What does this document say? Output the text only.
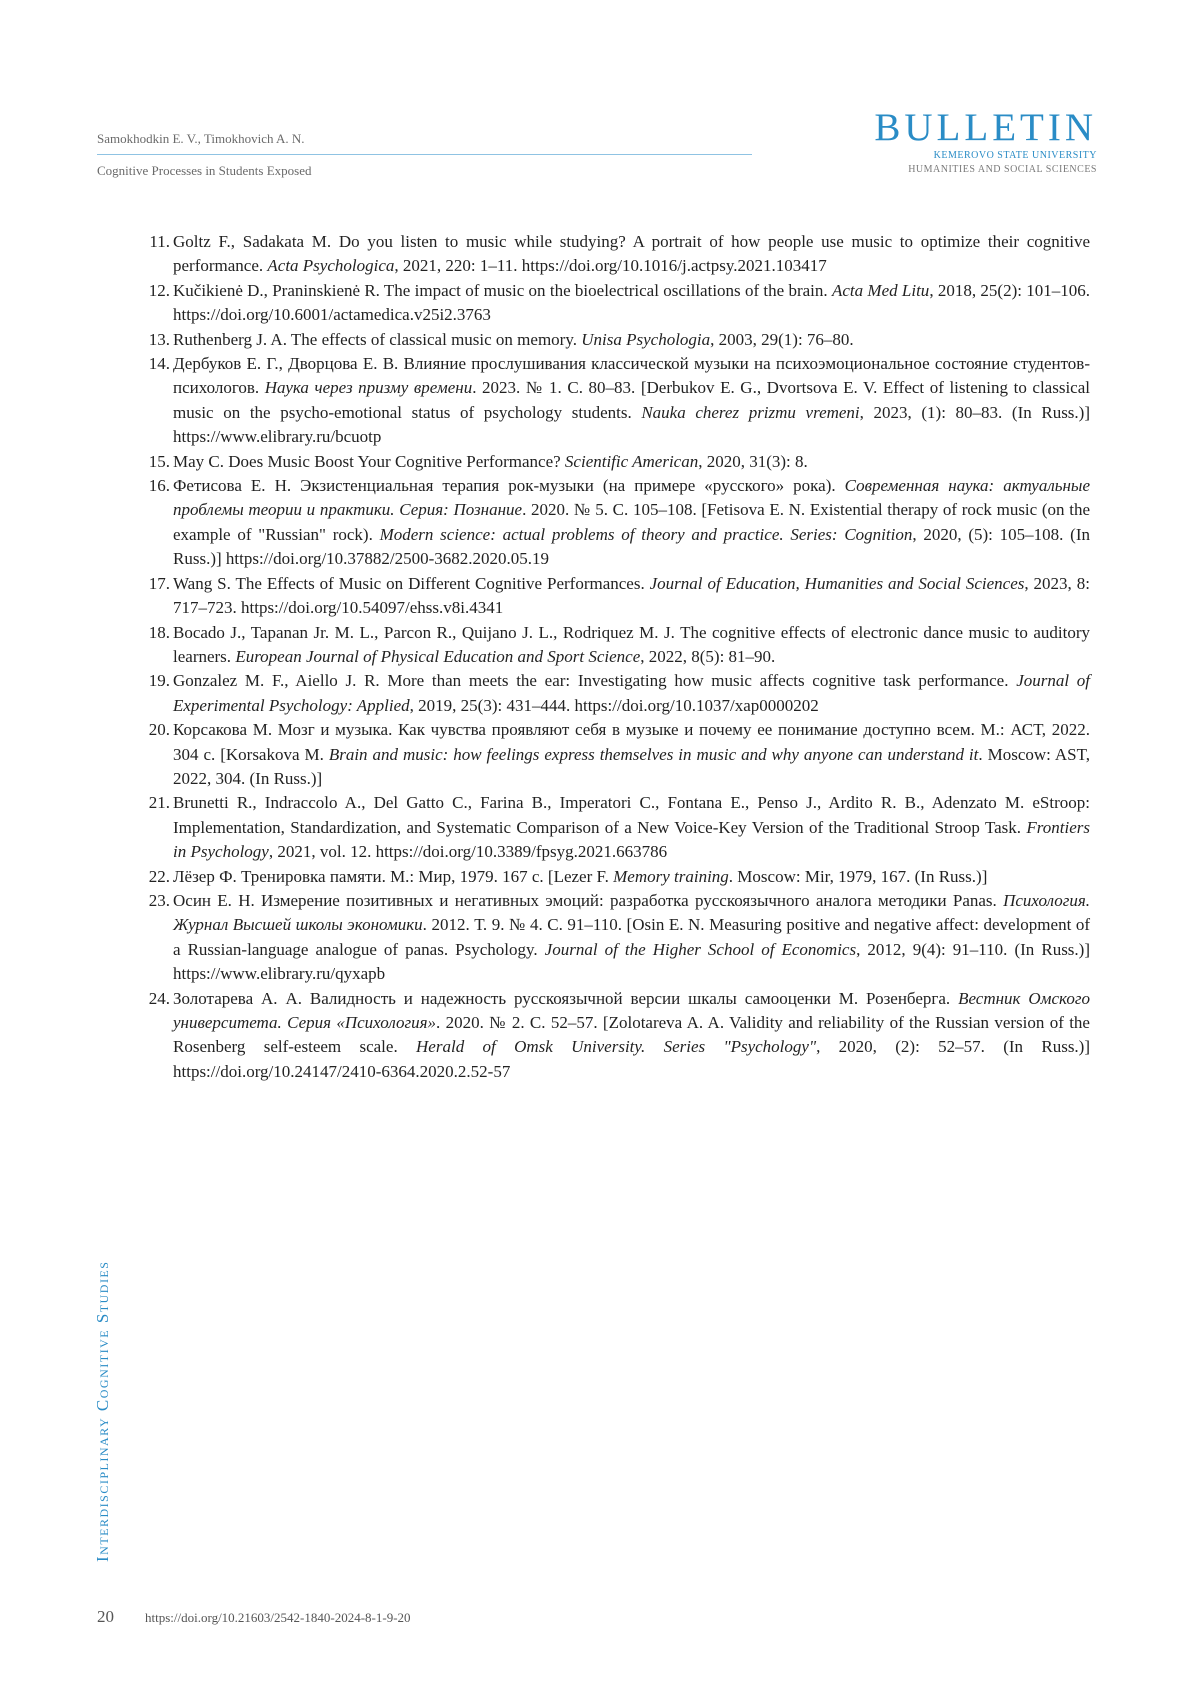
Samokhodkin E. V., Timokhovich A. N.
Cognitive Processes in Students Exposed
BULLETIN
KEMEROVO STATE UNIVERSITY
HUMANITIES AND SOCIAL SCIENCES
11. Goltz F., Sadakata M. Do you listen to music while studying? A portrait of how people use music to optimize their cognitive performance. Acta Psychologica, 2021, 220: 1–11. https://doi.org/10.1016/j.actpsy.2021.103417
12. Kučikienė D., Praninskienė R. The impact of music on the bioelectrical oscillations of the brain. Acta Med Litu, 2018, 25(2): 101–106. https://doi.org/10.6001/actamedica.v25i2.3763
13. Ruthenberg J. A. The effects of classical music on memory. Unisa Psychologia, 2003, 29(1): 76–80.
14. Дербуков Е. Г., Дворцова Е. В. Влияние прослушивания классической музыки на психоэмоциональное состояние студентов-психологов. Наука через призму времени. 2023. № 1. С. 80–83. [Derbukov E. G., Dvortsova E. V. Effect of listening to classical music on the psycho-emotional status of psychology students. Nauka cherez prizmu vremeni, 2023, (1): 80–83. (In Russ.)] https://www.elibrary.ru/bcuotp
15. May C. Does Music Boost Your Cognitive Performance? Scientific American, 2020, 31(3): 8.
16. Фетисова Е. Н. Экзистенциальная терапия рок-музыки (на примере «русского» рока). Современная наука: актуальные проблемы теории и практики. Серия: Познание. 2020. № 5. С. 105–108. [Fetisova E. N. Existential therapy of rock music (on the example of "Russian" rock). Modern science: actual problems of theory and practice. Series: Cognition, 2020, (5): 105–108. (In Russ.)] https://doi.org/10.37882/2500-3682.2020.05.19
17. Wang S. The Effects of Music on Different Cognitive Performances. Journal of Education, Humanities and Social Sciences, 2023, 8: 717–723. https://doi.org/10.54097/ehss.v8i.4341
18. Bocado J., Tapanan Jr. M. L., Parcon R., Quijano J. L., Rodriquez M. J. The cognitive effects of electronic dance music to auditory learners. European Journal of Physical Education and Sport Science, 2022, 8(5): 81–90.
19. Gonzalez M. F., Aiello J. R. More than meets the ear: Investigating how music affects cognitive task performance. Journal of Experimental Psychology: Applied, 2019, 25(3): 431–444. https://doi.org/10.1037/xap0000202
20. Корсакова М. Мозг и музыка. Как чувства проявляют себя в музыке и почему ее понимание доступно всем. М.: АСТ, 2022. 304 с. [Korsakova M. Brain and music: how feelings express themselves in music and why anyone can understand it. Moscow: AST, 2022, 304. (In Russ.)]
21. Brunetti R., Indraccolo A., Del Gatto C., Farina B., Imperatori C., Fontana E., Penso J., Ardito R. B., Adenzato M. eStroop: Implementation, Standardization, and Systematic Comparison of a New Voice-Key Version of the Traditional Stroop Task. Frontiers in Psychology, 2021, vol. 12. https://doi.org/10.3389/fpsyg.2021.663786
22. Лёзер Ф. Тренировка памяти. М.: Мир, 1979. 167 с. [Lezer F. Memory training. Moscow: Mir, 1979, 167. (In Russ.)]
23. Осин Е. Н. Измерение позитивных и негативных эмоций: разработка русскоязычного аналога методики Panas. Психология. Журнал Высшей школы экономики. 2012. Т. 9. № 4. С. 91–110. [Osin E. N. Measuring positive and negative affect: development of a Russian-language analogue of panas. Psychology. Journal of the Higher School of Economics, 2012, 9(4): 91–110. (In Russ.)] https://www.elibrary.ru/qyxapb
24. Золотарева А. А. Валидность и надежность русскоязычной версии шкалы самооценки М. Розенберга. Вестник Омского университета. Серия «Психология». 2020. № 2. С. 52–57. [Zolotareva A. A. Validity and reliability of the Russian version of the Rosenberg self-esteem scale. Herald of Omsk University. Series "Psychology", 2020, (2): 52–57. (In Russ.)] https://doi.org/10.24147/2410-6364.2020.2.52-57
Interdisciplinary Cognitive Studies
20 https://doi.org/10.21603/2542-1840-2024-8-1-9-20
